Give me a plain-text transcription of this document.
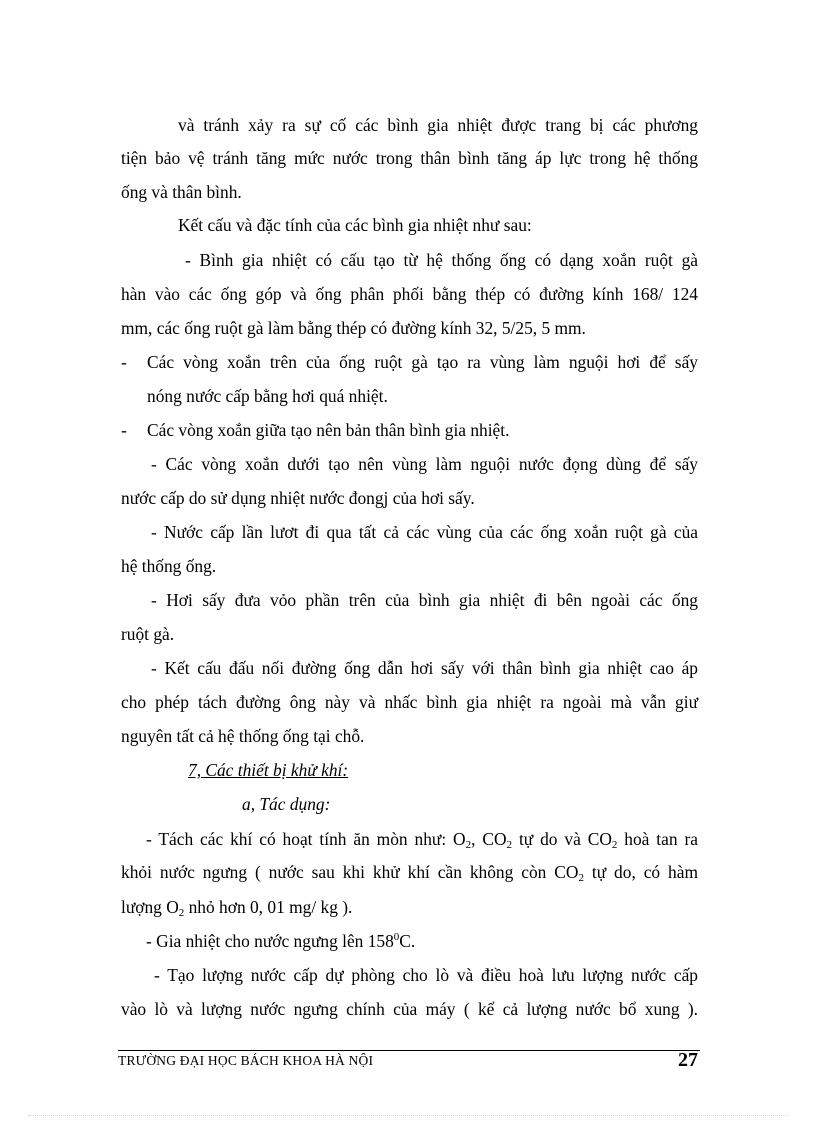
và tránh xảy ra sự cố các bình gia nhiệt được trang bị các phương
tiện bảo vệ tránh tăng mức nước trong thân bình tăng áp lực trong hệ thống
ống và thân bình.
Kết cấu và đặc tính của các bình gia nhiệt như sau:
- Bình gia nhiệt có cấu tạo từ hệ thống ống có dạng xoắn ruột gà
hàn vào các ống góp và ống phân phối bằng thép có đường kính 168/ 124
mm, các ống ruột gà làm bằng thép có đường kính 32, 5/25, 5 mm.
- Các vòng xoắn trên của ống ruột gà tạo ra vùng làm nguội hơi để sấy
nóng nước cấp bằng hơi quá nhiệt.
- Các vòng xoắn giữa tạo nên bản thân bình gia nhiệt.
- Các vòng xoắn dưới tạo nên vùng làm nguội nước đọng dùng để sấy
nước cấp do sử dụng nhiệt nước đongj của hơi sấy.
- Nước cấp lần lươt đi qua tất cả các vùng của các ống xoắn ruột gà của
hệ thống ống.
- Hơi sấy đưa vỏo phần trên của bình gia nhiệt đi bên ngoài các ống
ruột gà.
- Kết cấu đấu nối đường ống dẫn hơi sấy với thân bình gia nhiệt cao áp
cho phép tách đường ông này và nhấc bình gia nhiệt ra ngoài mà vẫn giư
nguyên tất cả hệ thống ống tại chỗ.
7, Các thiết bị khử khí:
a, Tác dụng:
- Tách các khí có hoạt tính ăn mòn như: $O_2$, $CO_2$ tự do và $CO_2$ hoà tan ra
khỏi nước ngưng ( nước sau khi khử khí cần không còn $CO_2$ tự do, có hàm
lượng $O_2$ nhỏ hơn 0, 01 mg/ kg ).
- Gia nhiệt cho nước ngưng lên $158^0C$.
- Tạo lượng nước cấp dự phòng cho lò và điều hoà lưu lượng nước cấp
vào lò và lượng nước ngưng chính của máy ( kể cả lượng nước bổ xung ).
TRƯỜNG ĐẠI HỌC BÁCH KHOA HÀ NỘI	27
